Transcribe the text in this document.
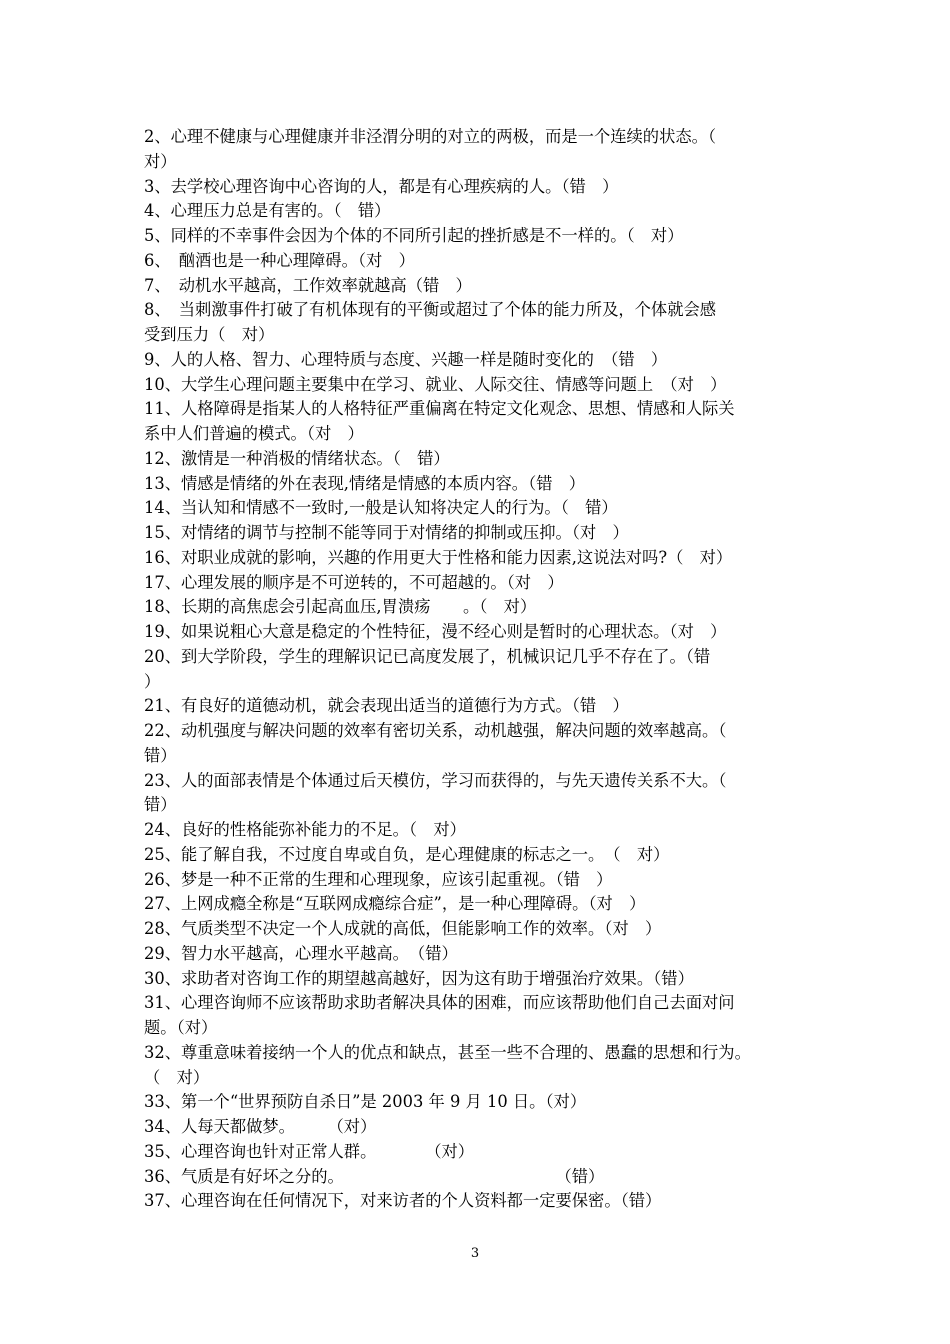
2、心理不健康与心理健康并非泾渭分明的对立的两极，而是一个连续的状态。（
对）
3、去学校心理咨询中心咨询的人，都是有心理疾病的人。（错　）
4、心理压力总是有害的。（　错）
5、同样的不幸事件会因为个体的不同所引起的挫折感是不一样的。（　对）
6、　酗酒也是一种心理障碍。（对　）
7、　动机水平越高，工作效率就越高（错　）
8、　当刺激事件打破了有机体现有的平衡或超过了个体的能力所及，个体就会感
受到压力（　对）
9、人的人格、智力、心理特质与态度、兴趣一样是随时变化的　（错　）
10、大学生心理问题主要集中在学习、就业、人际交往、情感等问题上　（对　）
11、人格障碍是指某人的人格特征严重偏离在特定文化观念、思想、情感和人际关
系中人们普遍的模式。（对　）
12、激情是一种消极的情绪状态。（　错）
13、情感是情绪的外在表现,情绪是情感的本质内容。（错　）
14、当认知和情感不一致时,一般是认知将决定人的行为。（　错）
15、对情绪的调节与控制不能等同于对情绪的抑制或压抑。（对　）
16、对职业成就的影响，兴趣的作用更大于性格和能力因素,这说法对吗?（　对）
17、心理发展的顺序是不可逆转的，不可超越的。（对　）
18、长期的高焦虑会引起高血压,胃溃疡　　。（　对）
19、如果说粗心大意是稳定的个性特征，漫不经心则是暂时的心理状态。（对　）
20、到大学阶段，学生的理解识记已高度发展了，机械识记几乎不存在了。（错
）
21、有良好的道德动机，就会表现出适当的道德行为方式。（错　）
22、动机强度与解决问题的效率有密切关系，动机越强，解决问题的效率越高。（
错）
23、人的面部表情是个体通过后天模仿，学习而获得的，与先天遗传关系不大。（
错）
24、良好的性格能弥补能力的不足。（　对）
25、能了解自我，不过度自卑或自负，是心理健康的标志之一。　（　对）
26、梦是一种不正常的生理和心理现象，应该引起重视。（错　）
27、上网成瘾全称是“互联网成瘾综合症”，是一种心理障碍。（对　）
28、气质类型不决定一个人成就的高低，但能影响工作的效率。（对　）
29、智力水平越高，心理水平越高。　（错）
30、求助者对咨询工作的期望越高越好，因为这有助于增强治疗效果。（错）
31、心理咨询师不应该帮助求助者解决具体的困难，而应该帮助他们自己去面对问
题。（对）
32、尊重意味着接纳一个人的优点和缺点，甚至一些不合理的、愚蠢的思想和行为。
（　对）
33、第一个“世界预防自杀日”是 2003 年 9 月 10 日。（对）
34、人每天都做梦。　　　（对）
35、心理咨询也针对正常人群。　　　　（对）
36、气质是有好坏之分的。　　　　　　　　　　　　　　（错）
37、心理咨询在任何情况下，对来访者的个人资料都一定要保密。（错）
3
